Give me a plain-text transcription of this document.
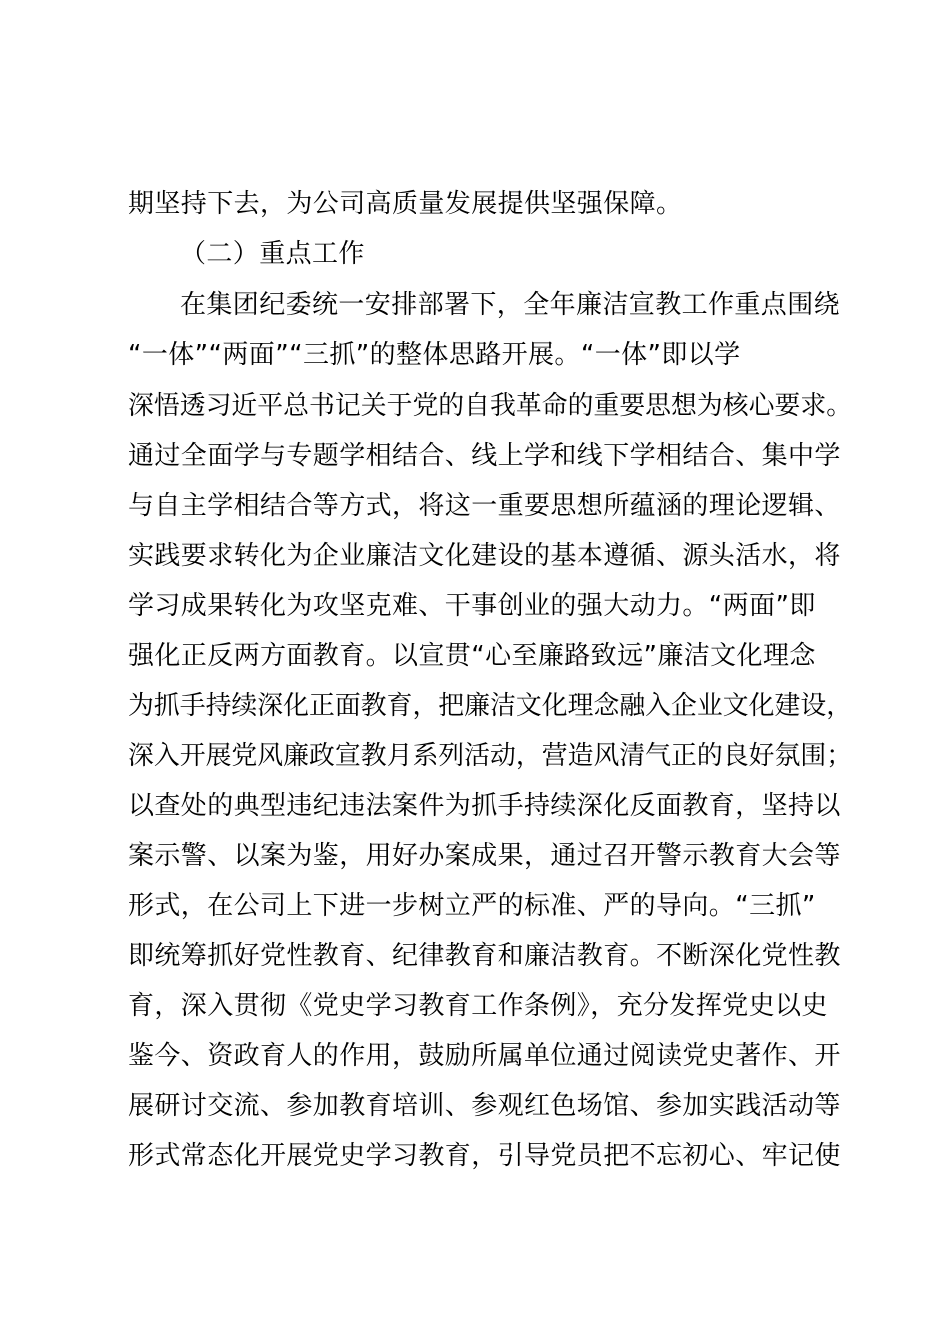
期坚持下去，为公司高质量发展提供坚强保障。
（二）重点工作
在集团纪委统一安排部署下，全年廉洁宣教工作重点围绕
“一体”“两面”“三抓”的整体思路开展。“一体”即以学
深悟透习近平总书记关于党的自我革命的重要思想为核心要求。
通过全面学与专题学相结合、线上学和线下学相结合、集中学
与自主学相结合等方式，将这一重要思想所蕴涵的理论逻辑、
实践要求转化为企业廉洁文化建设的基本遵循、源头活水，将
学习成果转化为攻坚克难、干事创业的强大动力。“两面”即
强化正反两方面教育。以宣贯“心至廉路致远”廉洁文化理念
为抓手持续深化正面教育，把廉洁文化理念融入企业文化建设，
深入开展党风廉政宣教月系列活动，营造风清气正的良好氛围；
以查处的典型违纪违法案件为抓手持续深化反面教育，坚持以
案示警、以案为鉴，用好办案成果，通过召开警示教育大会等
形式，在公司上下进一步树立严的标准、严的导向。“三抓”
即统筹抓好党性教育、纪律教育和廉洁教育。不断深化党性教
育，深入贯彻《党史学习教育工作条例》，充分发挥党史以史
鉴今、资政育人的作用，鼓励所属单位通过阅读党史著作、开
展研讨交流、参加教育培训、参观红色场馆、参加实践活动等
形式常态化开展党史学习教育，引导党员把不忘初心、牢记使
